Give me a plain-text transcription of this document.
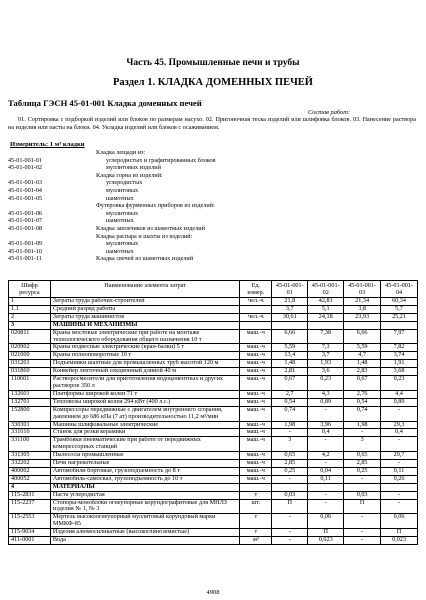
Часть 45. Промышленные печи и трубы
Раздел 1. КЛАДКА ДОМЕННЫХ ПЕЧЕЙ
Таблица ГЭСН 45-01-001 Кладка доменных печей
Состав работ:
01. Сортировка с подборкой изделий или блоков по размерам насухо. 02. Пригоночная теска изделий или шлифовка блоков. 03. Нанесение раствора на изделия или пасты на блоки. 04. Укладка изделий или блоков с осаживанием.
Измеритель: 1 м³ кладки
Кладка лещади из:
45-01-001-01	углеродистых и графитированных блоков
45-01-001-02	муллитовых изделий
Кладка горна из изделий:
45-01-001-03	углеродистых
45-01-001-04	муллитовых
45-01-001-05	шамотных
Футеровка фурменных приборов из изделий:
45-01-001-06	муллитовых
45-01-001-07	шамотных
45-01-001-08	Кладка заплечиков из шамотных изделий
Кладка распара и шахты из изделий:
45-01-001-09	муллитовых
45-01-001-10	шамотных
45-01-001-11	Кладка свечей из шамотных изделий
Шифр ресурса	Наименование элемента затрат	Ед. измер.	45-01-001-01	45-01-001-02	45-01-001-03	45-01-001-04
1	Затраты труда рабочих-строителей	чел.-ч	21,8	42,81	21,34	60,34
1.1	Средний разряд работы		3,7	5,1	3,8	5,7
2	Затраты труда машинистов	чел.-ч	30,61	24,18	23,93	25,21
3	МАШИНЫ И МЕХАНИЗМЫ					
020811	Краны мостовые электрические при работе на монтаже технологического оборудования общего назначения 10 т	маш.-ч	6,66	7,38	6,66	7,97
020902	Краны подвесные электрические (кран-балки) 5 т	маш.-ч	5,59	7,3	5,59	7,82
021000	Краны полноповоротные 10 т	маш.-ч	13,4	3,7	4,7	3,74
031201	Подъемники шахтные для промышленных труб высотой 120 м	маш.-ч	1,48	1,93	1,48	1,91
031860	Конвейер ленточный секционный длиной 40 м	маш.-ч	2,81	3,6	2,83	3,68
110601	Растворосмесители для приготовления водоцементных и других растворов 350 л	маш.-ч	0,67	0,23	0,67	0,23
132601	Платформы широкой колеи 71 т	маш.-ч	2,7	4,3	2,76	4,4
132701	Тепловозы широкой колеи 294 кВт (400 л.с.)	маш.-ч	0,54	0,89	0,54	0,89
152800	Компрессоры передвижные с двигателем внутреннего сгорания, давлением до 686 кПа (7 ат) производительностью 11,2 м³/мин	маш.-ч	0,74	-	0,74	-
330301	Машины шлифовальные электрические	маш.-ч	1,98	3,96	1,98	29,3
331010	Станок для резки керамики	маш.-ч	-	0,4	-	0,4
331100	Трамбовки пневматические при работе от передвижных компрессорных станций	маш.-ч	3	-	3	-
331305	Пылесосы промышленные	маш.-ч	0,65	4,2	0,65	29,7
332202	Печи нагревательные	маш.-ч	2,85	-	2,85	-
400002	Автомобили бортовые, грузоподъемность до 8 т	маш.-ч	0,25	0,04	0,25	0,11
400052	Автомобиль-самосвал, грузоподъемность до 10 т	маш.-ч	-	0,11	-	0,26
4	МАТЕРИАЛЫ					
115-2831	Паста углеродистая	т	0,03	-	0,03	-
115-2237	Стопоры-моноблоки огнеупорные корундографитовые для МНЛЗ изделия № 1, № 3	шт.	П	-	П	-
115-2553	Мертель высокоогнеупорный муллитовый корундовый марки ММКФ-85	т	-	0,06	-	0,06
115-9034	Изделия алюмосиликатные (высокоглиноземистые)	т	-	П	-	П
411-0001	Вода	м³	-	0,023	-	0,023
4908
